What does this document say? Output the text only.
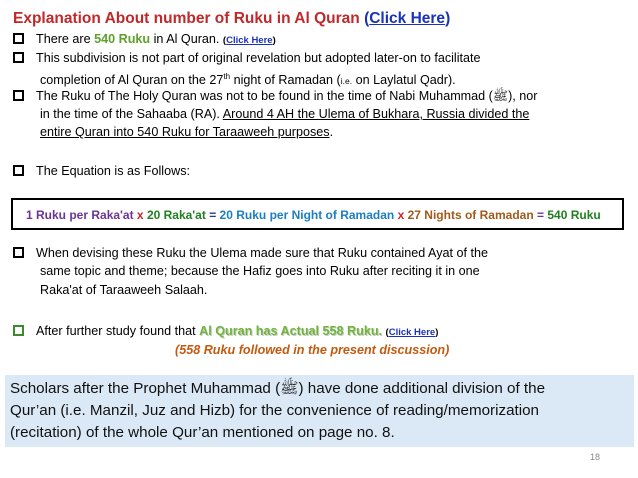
Explanation About number of Ruku in Al Quran (Click Here)
There are 540 Ruku in Al Quran. (Click Here)
This subdivision is not part of original revelation but adopted later-on to facilitate
completion of Al Quran on the 27th night of Ramadan (i.e. on Laylatul Qadr).
The Ruku of The Holy Quran was not to be found in the time of Nabi Muhammad (ﷺ), nor
in the time of the Sahaaba (RA). Around 4 AH the Ulema of Bukhara, Russia divided the
entire Quran into 540 Ruku for Taraaweeh purposes.
The Equation is as Follows:
1 Ruku per Raka'at x 20 Raka'at = 20 Ruku per Night of Ramadan x 27 Nights of Ramadan = 540 Ruku
When devising these Ruku the Ulema made sure that Ruku contained Ayat of the
same topic and theme; because the Hafiz goes into Ruku after reciting it in one
Raka'at of Taraaweeh Salaah.
After further study found that Al Quran has Actual 558 Ruku. (Click Here)
(558 Ruku followed in the present discussion)

Scholars after the Prophet Muhammad (ﷺ) have done additional division of the

Qur’an (i.e. Manzil, Juz and Hizb) for the convenience of reading/memorization

(recitation) of the whole Qur’an mentioned on page no. 8.

18
